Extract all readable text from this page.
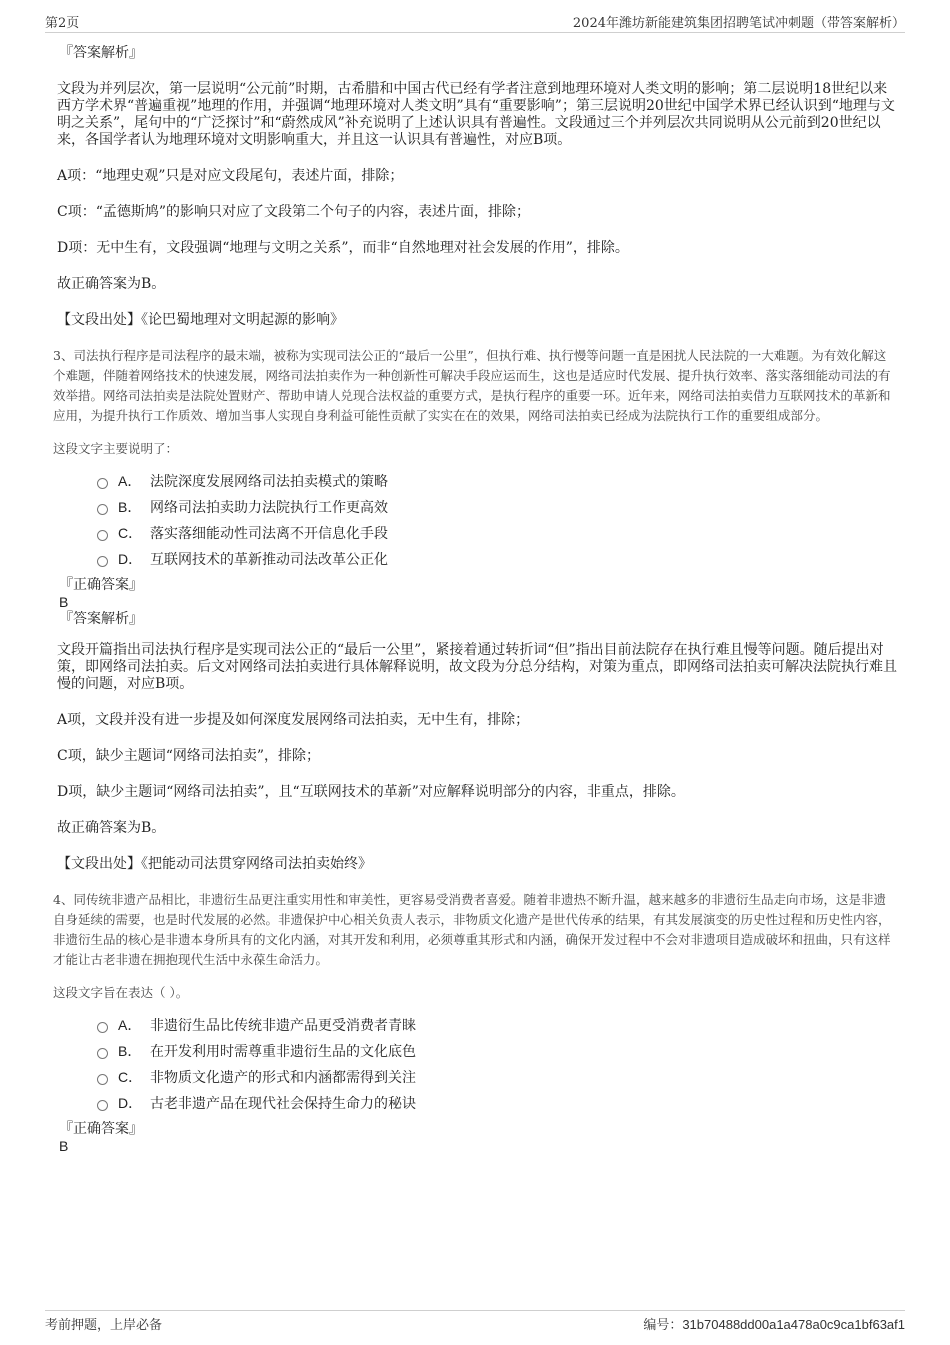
第2页	2024年潍坊新能建筑集团招聘笔试冲刺题（带答案解析）

『答案解析』

文段为并列层次，第一层说明“公元前”时期，古希腊和中国古代已经有学者注意到地理环境对人类文明的影响；第二层说明18世纪以来西方学术界“普遍重视”地理的作用，并强调“地理环境对人类文明”具有“重要影响”；第三层说明20世纪中国学术界已经认识到“地理与文明之关系”，尾句中的“广泛探讨”和“蔚然成风”补充说明了上述认识具有普遍性。文段通过三个并列层次共同说明从公元前到20世纪以来，各国学者认为地理环境对文明影响重大，并且这一认识具有普遍性，对应B项。

A项：“地理史观”只是对应文段尾句，表述片面，排除；

C项：“孟德斯鸠”的影响只对应了文段第二个句子的内容，表述片面，排除；

D项：无中生有，文段强调“地理与文明之关系”，而非“自然地理对社会发展的作用”，排除。

故正确答案为B。

【文段出处】《论巴蜀地理对文明起源的影响》

3、司法执行程序是司法程序的最末端，被称为实现司法公正的“最后一公里”，但执行难、执行慢等问题一直是困扰人民法院的一大难题。为有效化解这个难题，伴随着网络技术的快速发展，网络司法拍卖作为一种创新性可解决手段应运而生，这也是适应时代发展、提升执行效率、落实落细能动司法的有效举措。网络司法拍卖是法院处置财产、帮助申请人兑现合法权益的重要方式，是执行程序的重要一环。近年来，网络司法拍卖借力互联网技术的革新和应用，为提升执行工作质效、增加当事人实现自身利益可能性贡献了实实在在的效果，网络司法拍卖已经成为法院执行工作的重要组成部分。

这段文字主要说明了：

A． 法院深度发展网络司法拍卖模式的策略
B． 网络司法拍卖助力法院执行工作更高效
C． 落实落细能动性司法离不开信息化手段
D． 互联网技术的革新推动司法改革公正化

『正确答案』

B

『答案解析』

文段开篇指出司法执行程序是实现司法公正的“最后一公里”，紧接着通过转折词“但”指出目前法院存在执行难且慢等问题。随后提出对策，即网络司法拍卖。后文对网络司法拍卖进行具体解释说明，故文段为分总分结构，对策为重点，即网络司法拍卖可解决法院执行难且慢的问题，对应B项。

A项，文段并没有进一步提及如何深度发展网络司法拍卖，无中生有，排除；

C项，缺少主题词“网络司法拍卖”，排除；

D项，缺少主题词“网络司法拍卖”，且“互联网技术的革新”对应解释说明部分的内容，非重点，排除。

故正确答案为B。

【文段出处】《把能动司法贯穿网络司法拍卖始终》

4、同传统非遗产品相比，非遗衍生品更注重实用性和审美性，更容易受消费者喜爱。随着非遗热不断升温，越来越多的非遗衍生品走向市场，这是非遗自身延续的需要，也是时代发展的必然。非遗保护中心相关负责人表示，非物质文化遗产是世代传承的结果，有其发展演变的历史性过程和历史性内容，非遗衍生品的核心是非遗本身所具有的文化内涵，对其开发和利用，必须尊重其形式和内涵，确保开发过程中不会对非遗项目造成破坏和扭曲，只有这样才能让古老非遗在拥抱现代生活中永葆生命活力。

这段文字旨在表达（ ）。

A． 非遗衍生品比传统非遗产品更受消费者青睐
B． 在开发利用时需尊重非遗衍生品的文化底色
C． 非物质文化遗产的形式和内涵都需得到关注
D． 古老非遗产品在现代社会保持生命力的秘诀

『正确答案』

B

考前押题，上岸必备	编号：31b70488dd00a1a478a0c9ca1bf63af1
